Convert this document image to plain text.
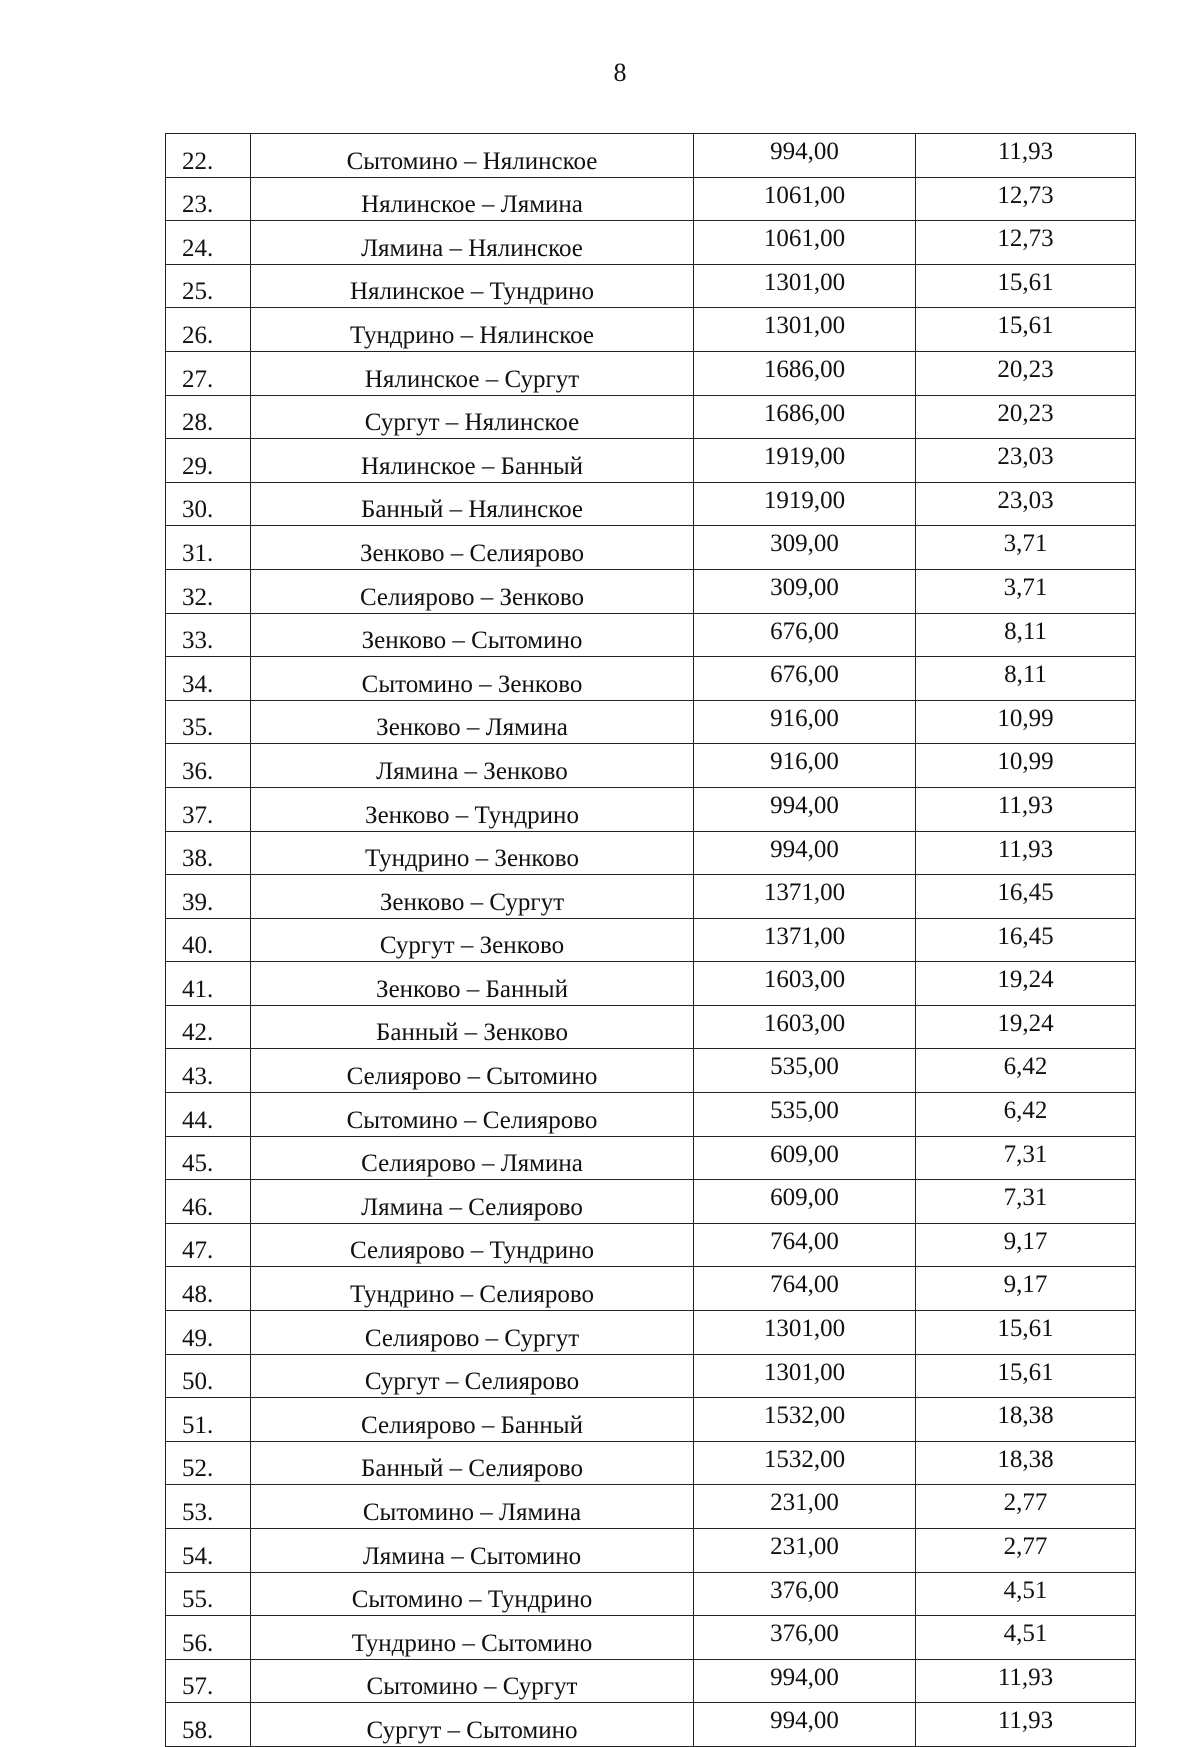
8
22.	Сытомино – Нялинское	994,00	11,93
23.	Нялинское – Лямина	1061,00	12,73
24.	Лямина – Нялинское	1061,00	12,73
25.	Нялинское – Тундрино	1301,00	15,61
26.	Тундрино – Нялинское	1301,00	15,61
27.	Нялинское – Сургут	1686,00	20,23
28.	Сургут – Нялинское	1686,00	20,23
29.	Нялинское – Банный	1919,00	23,03
30.	Банный – Нялинское	1919,00	23,03
31.	Зенково – Селиярово	309,00	3,71
32.	Селиярово – Зенково	309,00	3,71
33.	Зенково – Сытомино	676,00	8,11
34.	Сытомино – Зенково	676,00	8,11
35.	Зенково – Лямина	916,00	10,99
36.	Лямина – Зенково	916,00	10,99
37.	Зенково – Тундрино	994,00	11,93
38.	Тундрино – Зенково	994,00	11,93
39.	Зенково – Сургут	1371,00	16,45
40.	Сургут – Зенково	1371,00	16,45
41.	Зенково – Банный	1603,00	19,24
42.	Банный – Зенково	1603,00	19,24
43.	Селиярово – Сытомино	535,00	6,42
44.	Сытомино – Селиярово	535,00	6,42
45.	Селиярово – Лямина	609,00	7,31
46.	Лямина – Селиярово	609,00	7,31
47.	Селиярово – Тундрино	764,00	9,17
48.	Тундрино – Селиярово	764,00	9,17
49.	Селиярово – Сургут	1301,00	15,61
50.	Сургут – Селиярово	1301,00	15,61
51.	Селиярово – Банный	1532,00	18,38
52.	Банный – Селиярово	1532,00	18,38
53.	Сытомино – Лямина	231,00	2,77
54.	Лямина – Сытомино	231,00	2,77
55.	Сытомино – Тундрино	376,00	4,51
56.	Тундрино – Сытомино	376,00	4,51
57.	Сытомино – Сургут	994,00	11,93
58.	Сургут – Сытомино	994,00	11,93
